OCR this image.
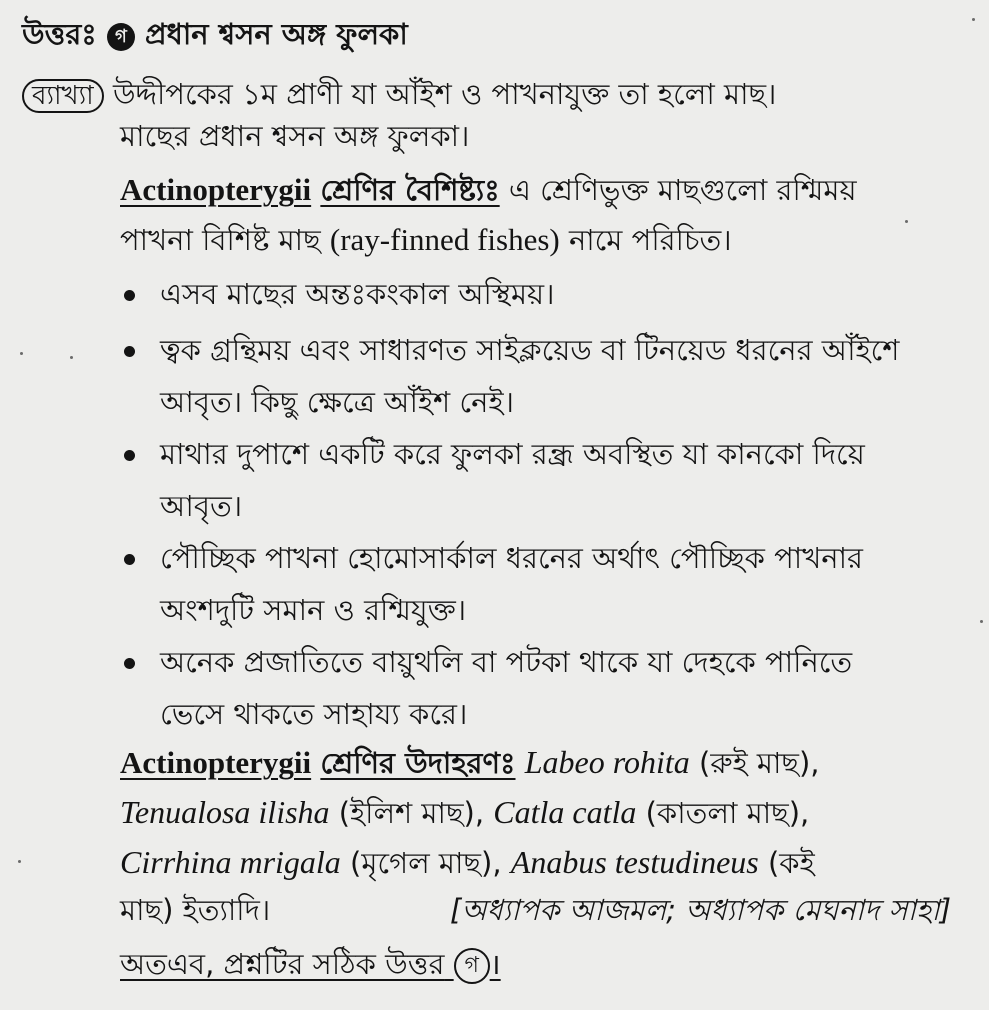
উত্তরঃ গ প্রধান শ্বসন অঙ্গ ফুলকা
ব্যাখ্যা উদ্দীপকের ১ম প্রাণী যা আঁইশ ও পাখনাযুক্ত তা হলো মাছ।
মাছের প্রধান শ্বসন অঙ্গ ফুলকা।
Actinopterygii শ্রেণির বৈশিষ্ট্যঃ এ শ্রেণিভুক্ত মাছগুলো রশ্মিময়
পাখনা বিশিষ্ট মাছ (ray-finned fishes) নামে পরিচিত।
এসব মাছের অন্তঃকংকাল অস্থিময়।
ত্বক গ্রন্থিময় এবং সাধারণত সাইক্লয়েড বা টিনয়েড ধরনের আঁইশে
আবৃত। কিছু ক্ষেত্রে আঁইশ নেই।
মাথার দুপাশে একটি করে ফুলকা রন্ধ্র অবস্থিত যা কানকো দিয়ে
আবৃত।
পৌচ্ছিক পাখনা হোমোসার্কাল ধরনের অর্থাৎ পৌচ্ছিক পাখনার
অংশদুটি সমান ও রশ্মিযুক্ত।
অনেক প্রজাতিতে বায়ুথলি বা পটকা থাকে যা দেহকে পানিতে
ভেসে থাকতে সাহায্য করে।
Actinopterygii শ্রেণির উদাহরণঃ Labeo rohita (রুই মাছ),
Tenualosa ilisha (ইলিশ মাছ), Catla catla (কাতলা মাছ),
Cirrhina mrigala (মৃগেল মাছ), Anabus testudineus (কই
মাছ) ইত্যাদি।	[অধ্যাপক আজমল; অধ্যাপক মেঘনাদ সাহা]
অতএব, প্রশ্নটির সঠিক উত্তর গ ।
